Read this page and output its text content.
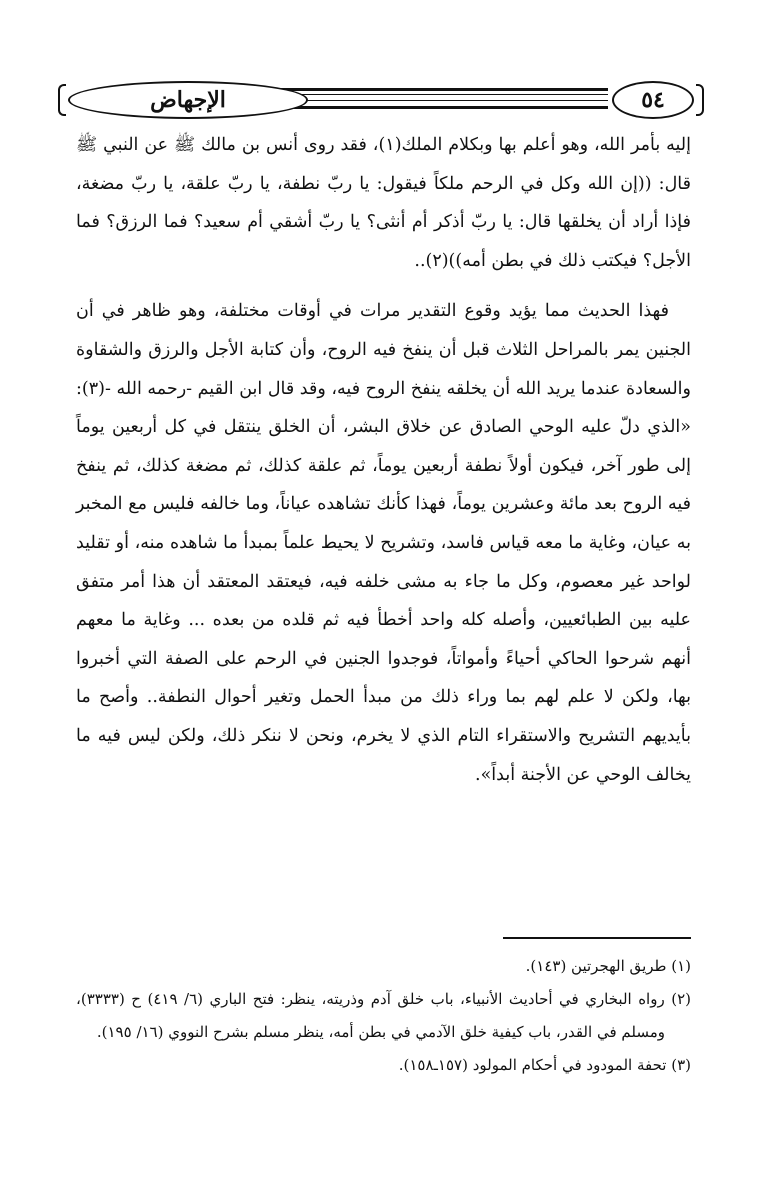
الإجهاض	٥٤

إليه بأمر الله، وهو أعلم بها وبكلام الملك(١)، فقد روى أنس بن مالك ﷺ عن النبي ﷺ قال: ((إن الله وكل في الرحم ملكاً فيقول: يا ربّ نطفة، يا ربّ علقة، يا ربّ مضغة، فإذا أراد أن يخلقها قال: يا ربّ أذكر أم أنثى؟ يا ربّ أشقي أم سعيد؟ فما الرزق؟ فما الأجل؟ فيكتب ذلك في بطن أمه))(٢)..

فهذا الحديث مما يؤيد وقوع التقدير مرات في أوقات مختلفة، وهو ظاهر في أن الجنين يمر بالمراحل الثلاث قبل أن ينفخ فيه الروح، وأن كتابة الأجل والرزق والشقاوة والسعادة عندما يريد الله أن يخلقه ينفخ الروح فيه، وقد قال ابن القيم -رحمه الله -(٣): «الذي دلّ عليه الوحي الصادق عن خلاق البشر، أن الخلق ينتقل في كل أربعين يوماً إلى طور آخر، فيكون أولاً نطفة أربعين يوماً، ثم علقة كذلك، ثم مضغة كذلك، ثم ينفخ فيه الروح بعد مائة وعشرين يوماً، فهذا كأنك تشاهده عياناً، وما خالفه فليس مع المخبر به عيان، وغاية ما معه قياس فاسد، وتشريح لا يحيط علماً بمبدأ ما شاهده منه، أو تقليد لواحد غير معصوم، وكل ما جاء به مشى خلفه فيه، فيعتقد المعتقد أن هذا أمر متفق عليه بين الطبائعيين، وأصله كله واحد أخطأ فيه ثم قلده من بعده ... وغاية ما معهم أنهم شرحوا الحاكي أحياءً وأمواتاً، فوجدوا الجنين في الرحم على الصفة التي أخبروا بها، ولكن لا علم لهم بما وراء ذلك من مبدأ الحمل وتغير أحوال النطفة.. وأصح ما بأيديهم التشريح والاستقراء التام الذي لا يخرم، ونحن لا ننكر ذلك، ولكن ليس فيه ما يخالف الوحي عن الأجنة أبداً».

(١) طريق الهجرتين (١٤٣).

(٢) رواه البخاري في أحاديث الأنبياء، باب خلق آدم وذريته، ينظر: فتح الباري (٦/ ٤١٩) ح (٣٣٣٣)، ومسلم في القدر، باب كيفية خلق الآدمي في بطن أمه، ينظر مسلم بشرح النووي (١٦/ ١٩٥).

(٣) تحفة المودود في أحكام المولود (١٥٧ـ١٥٨).
